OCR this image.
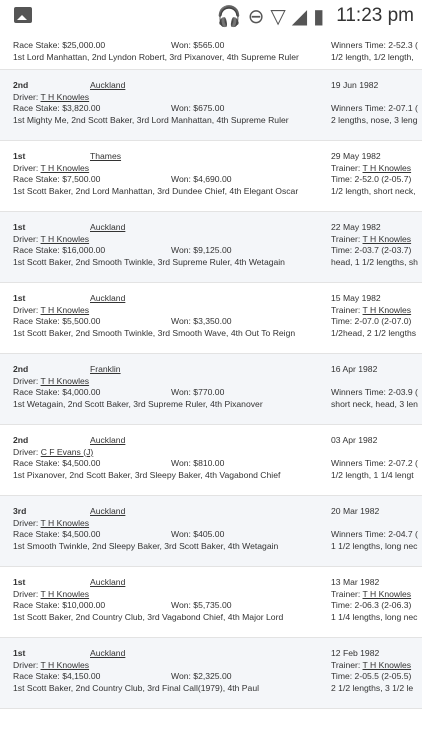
🎧 ⊖ ▽ ◢ ▮ 11:23 pm
Race Stake: $25,000.00	Won: $565.00
1st Lord Manhattan, 2nd Lyndon Robert, 3rd Pixanover, 4th Supreme Ruler
Winners Time: 2-52.3 (
1/2 length, 1/2 length,
2nd	Auckland
Driver: T H Knowles
Race Stake: $3,820.00	Won: $675.00
1st Mighty Me, 2nd Scott Baker, 3rd Lord Manhattan, 4th Supreme Ruler
19 Jun 1982
Winners Time: 2-07.1 (
2 lengths, nose, 3 leng
1st	Thames
Driver: T H Knowles
Race Stake: $7,500.00	Won: $4,690.00
1st Scott Baker, 2nd Lord Manhattan, 3rd Dundee Chief, 4th Elegant Oscar
29 May 1982
Trainer: T H Knowles
Time: 2-52.0 (2-05.7)
1/2 length, short neck,
1st	Auckland
Driver: T H Knowles
Race Stake: $16,000.00	Won: $9,125.00
1st Scott Baker, 2nd Smooth Twinkle, 3rd Supreme Ruler, 4th Wetagain
22 May 1982
Trainer: T H Knowles
Time: 2-03.7 (2-03.7)
head, 1 1/2 lengths, sh
1st	Auckland
Driver: T H Knowles
Race Stake: $5,500.00	Won: $3,350.00
1st Scott Baker, 2nd Smooth Twinkle, 3rd Smooth Wave, 4th Out To Reign
15 May 1982
Trainer: T H Knowles
Time: 2-07.0 (2-07.0)
1/2head, 2 1/2 lengths
2nd	Franklin
Driver: T H Knowles
Race Stake: $4,000.00	Won: $770.00
1st Wetagain, 2nd Scott Baker, 3rd Supreme Ruler, 4th Pixanover
16 Apr 1982
Winners Time: 2-03.9 (
short neck, head, 3 len
2nd	Auckland
Driver: C F Evans (J)
Race Stake: $4,500.00	Won: $810.00
1st Pixanover, 2nd Scott Baker, 3rd Sleepy Baker, 4th Vagabond Chief
03 Apr 1982
Winners Time: 2-07.2 (
1/2 length, 1 1/4 lengt
3rd	Auckland
Driver: T H Knowles
Race Stake: $4,500.00	Won: $405.00
1st Smooth Twinkle, 2nd Sleepy Baker, 3rd Scott Baker, 4th Wetagain
20 Mar 1982
Winners Time: 2-04.7 (
1 1/2 lengths, long nec
1st	Auckland
Driver: T H Knowles
Race Stake: $10,000.00	Won: $5,735.00
1st Scott Baker, 2nd Country Club, 3rd Vagabond Chief, 4th Major Lord
13 Mar 1982
Trainer: T H Knowles
Time: 2-06.3 (2-06.3)
1 1/4 lengths, long nec
1st	Auckland
Driver: T H Knowles
Race Stake: $4,150.00	Won: $2,325.00
1st Scott Baker, 2nd Country Club, 3rd Final Call(1979), 4th Paul
12 Feb 1982
Trainer: T H Knowles
Time: 2-05.5 (2-05.5)
2 1/2 lengths, 3 1/2 le
